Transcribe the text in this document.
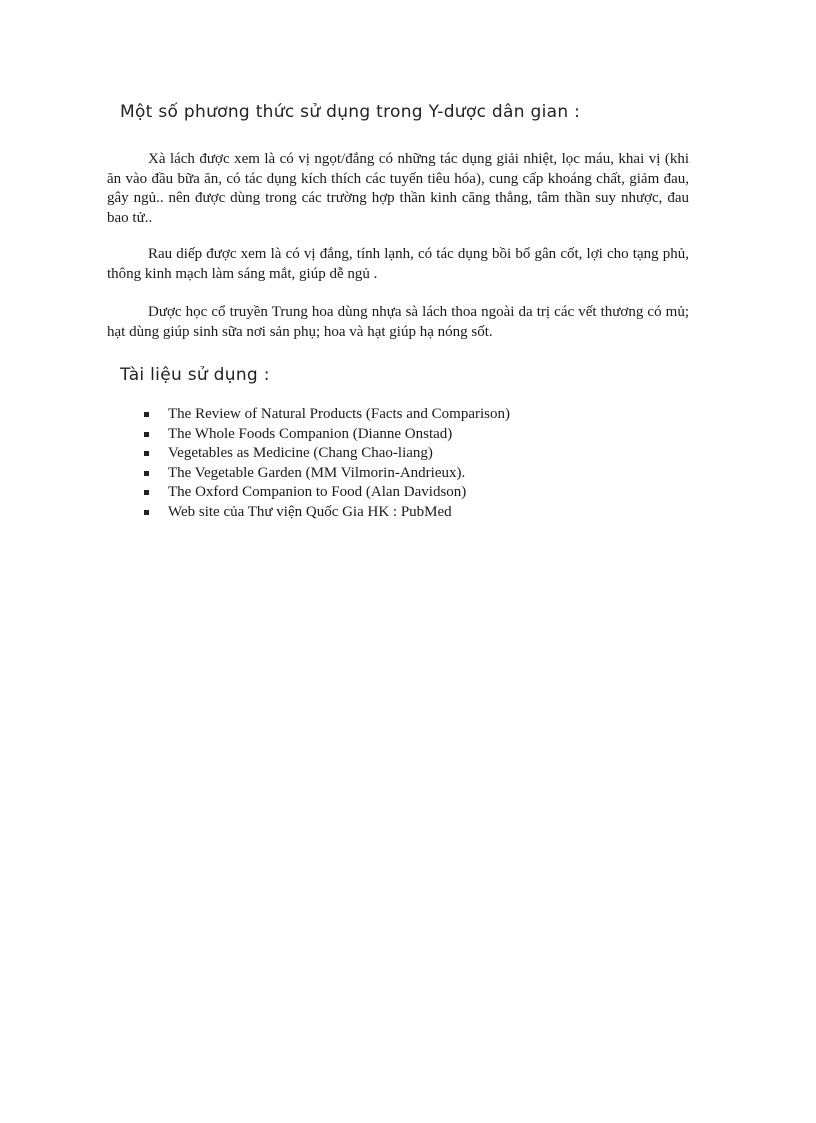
Một số phương thức sử dụng trong Y-dược dân gian :

Xà lách được xem là có vị ngọt/đắng có những tác dụng giải nhiệt, lọc máu, khai vị (khi ăn vào đầu bữa ăn, có tác dụng kích thích các tuyến tiêu hóa), cung cấp khoáng chất, giảm đau, gây ngủ.. nên được dùng trong các trường hợp thần kinh căng thẳng, tâm thần suy nhược, đau bao tử..

Rau diếp được xem là có vị đắng, tính lạnh, có tác dụng bồi bổ gân cốt, lợi cho tạng phủ, thông kinh mạch làm sáng mắt, giúp dễ ngủ .

Dược học cổ truyền Trung hoa dùng nhựa sà lách thoa ngoài da trị các vết thương có mủ; hạt dùng giúp sinh sữa nơi sản phụ; hoa và hạt giúp hạ nóng sốt.

Tài liệu sử dụng :
The Review of Natural Products (Facts and Comparison)
The Whole Foods Companion (Dianne Onstad)
Vegetables as Medicine (Chang Chao-liang)
The Vegetable Garden (MM Vilmorin-Andrieux).
The Oxford Companion to Food (Alan Davidson)
Web site của Thư viện Quốc Gia HK : PubMed
